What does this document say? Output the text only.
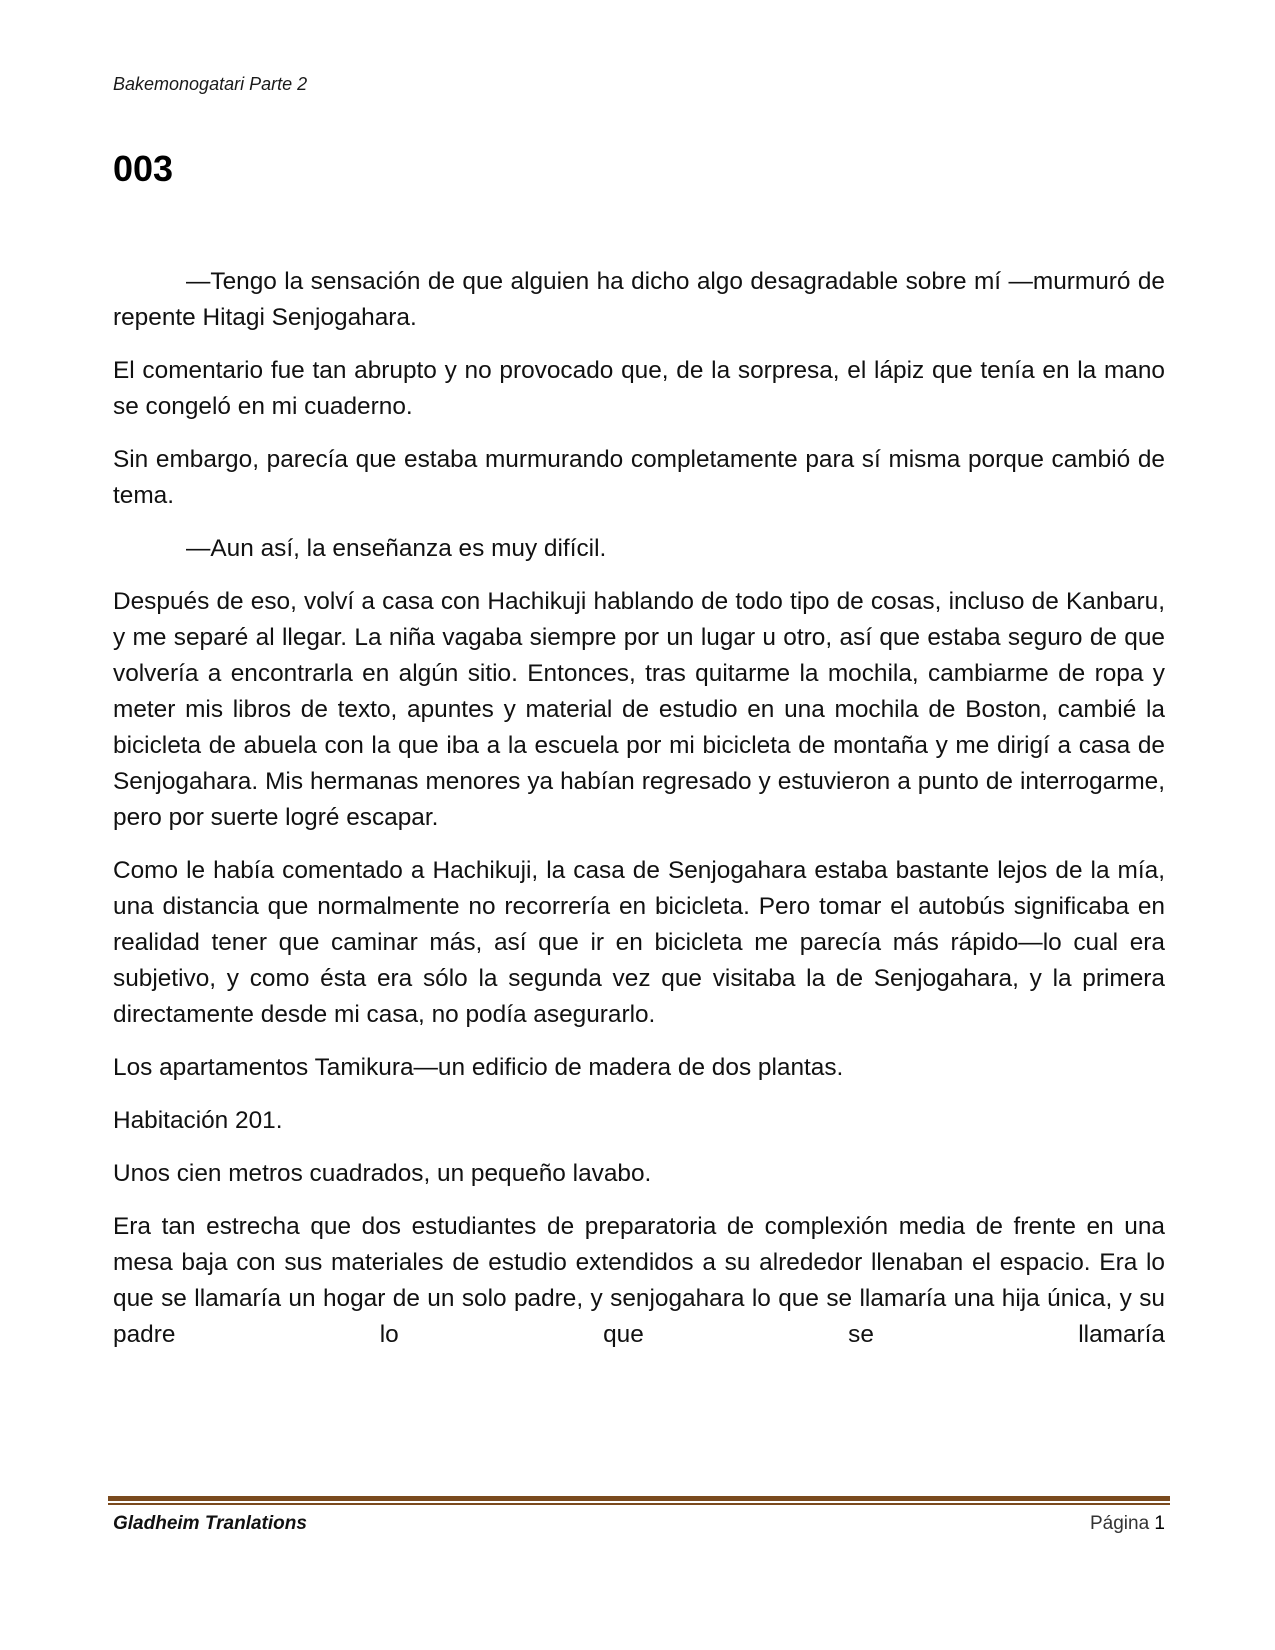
Bakemonogatari Parte 2
003

—Tengo la sensación de que alguien ha dicho algo desagradable sobre mí —murmuró de repente Hitagi Senjogahara.

El comentario fue tan abrupto y no provocado que, de la sorpresa, el lápiz que tenía en la mano se congeló en mi cuaderno.

Sin embargo, parecía que estaba murmurando completamente para sí misma porque cambió de tema.

—Aun así, la enseñanza es muy difícil.

Después de eso, volví a casa con Hachikuji hablando de todo tipo de cosas, incluso de Kanbaru, y me separé al llegar. La niña vagaba siempre por un lugar u otro, así que estaba seguro de que volvería a encontrarla en algún sitio. Entonces, tras quitarme la mochila, cambiarme de ropa y meter mis libros de texto, apuntes y material de estudio en una mochila de Boston, cambié la bicicleta de abuela con la que iba a la escuela por mi bicicleta de montaña y me dirigí a casa de Senjogahara. Mis hermanas menores ya habían regresado y estuvieron a punto de interrogarme, pero por suerte logré escapar.

Como le había comentado a Hachikuji, la casa de Senjogahara estaba bastante lejos de la mía, una distancia que normalmente no recorrería en bicicleta. Pero tomar el autobús significaba en realidad tener que caminar más, así que ir en bicicleta me parecía más rápido—lo cual era subjetivo, y como ésta era sólo la segunda vez que visitaba la de Senjogahara, y la primera directamente desde mi casa, no podía asegurarlo.

Los apartamentos Tamikura—un edificio de madera de dos plantas.

Habitación 201.

Unos cien metros cuadrados, un pequeño lavabo.

Era tan estrecha que dos estudiantes de preparatoria de complexión media de frente en una mesa baja con sus materiales de estudio extendidos a su alrededor llenaban el espacio. Era lo que se llamaría un hogar de un solo padre, y senjogahara lo que se llamaría una hija única, y su padre lo que se llamaría

Gladheim Tranlations	Página 1
